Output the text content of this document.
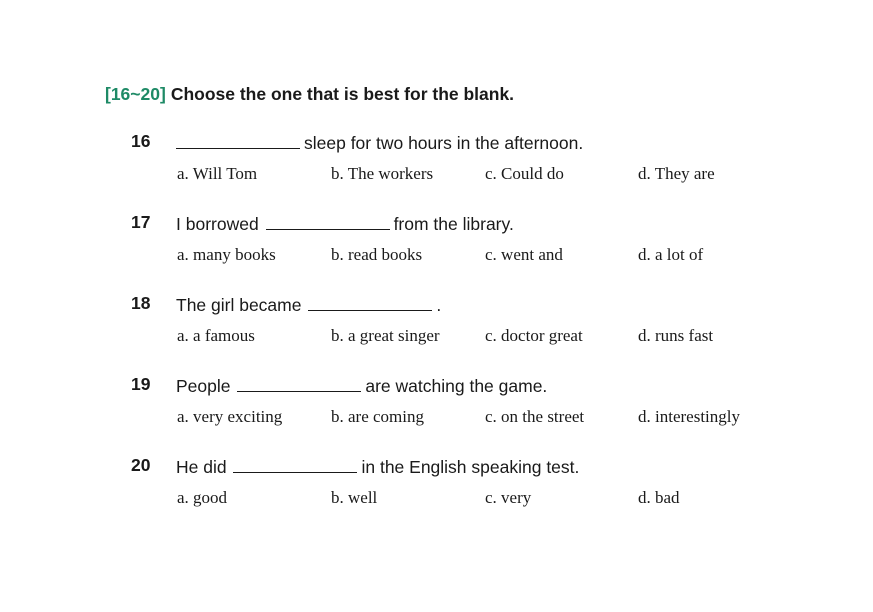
[16~20] Choose the one that is best for the blank.
16	sleep for two hours in the afternoon.
a. Will Tom	b. The workers	c. Could do	d. They are
17 I borrowed	from the library.
a. many books	b. read books	c. went and	d. a lot of
18 The girl became	.
a. a famous	b. a great singer	c. doctor great	d. runs fast
19 People	are watching the game.
a. very exciting	b. are coming	c. on the street	d. interestingly
20 He did	in the English speaking test.
a. good	b. well	c. very	d. bad
